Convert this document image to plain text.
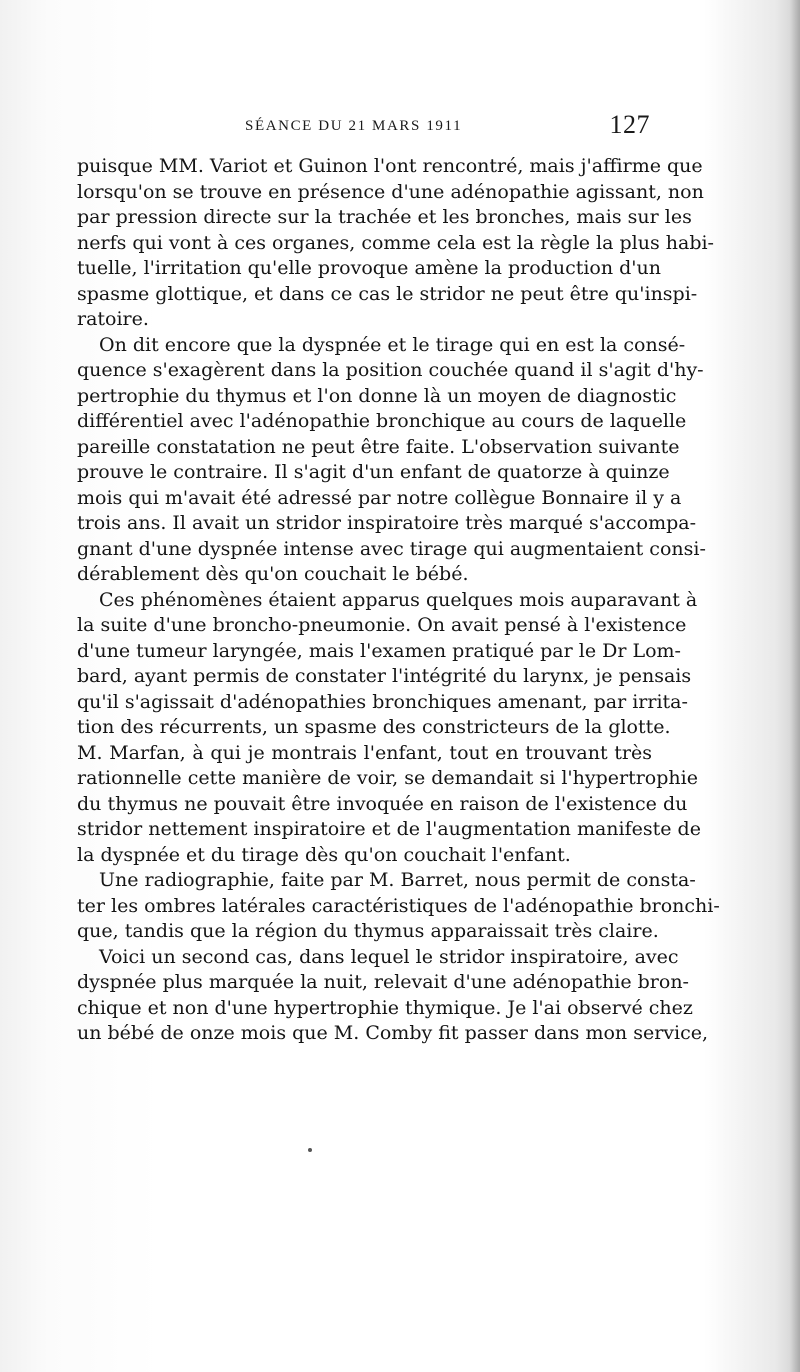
SÉANCE DU 21 MARS 1911	127
puisque MM. Variot et Guinon l'ont rencontré, mais j'affirme que
lorsqu'on se trouve en présence d'une adénopathie agissant, non
par pression directe sur la trachée et les bronches, mais sur les
nerfs qui vont à ces organes, comme cela est la règle la plus habi-
tuelle, l'irritation qu'elle provoque amène la production d'un
spasme glottique, et dans ce cas le stridor ne peut être qu'inspi-
ratoire.
On dit encore que la dyspnée et le tirage qui en est la consé-
quence s'exagèrent dans la position couchée quand il s'agit d'hy-
pertrophie du thymus et l'on donne là un moyen de diagnostic
différentiel avec l'adénopathie bronchique au cours de laquelle
pareille constatation ne peut être faite. L'observation suivante
prouve le contraire. Il s'agit d'un enfant de quatorze à quinze
mois qui m'avait été adressé par notre collègue Bonnaire il y a
trois ans. Il avait un stridor inspiratoire très marqué s'accompa-
gnant d'une dyspnée intense avec tirage qui augmentaient consi-
dérablement dès qu'on couchait le bébé.
Ces phénomènes étaient apparus quelques mois auparavant à
la suite d'une broncho-pneumonie. On avait pensé à l'existence
d'une tumeur laryngée, mais l'examen pratiqué par le Dr Lom-
bard, ayant permis de constater l'intégrité du larynx, je pensais
qu'il s'agissait d'adénopathies bronchiques amenant, par irrita-
tion des récurrents, un spasme des constricteurs de la glotte.
M. Marfan, à qui je montrais l'enfant, tout en trouvant très
rationnelle cette manière de voir, se demandait si l'hypertrophie
du thymus ne pouvait être invoquée en raison de l'existence du
stridor nettement inspiratoire et de l'augmentation manifeste de
la dyspnée et du tirage dès qu'on couchait l'enfant.
Une radiographie, faite par M. Barret, nous permit de consta-
ter les ombres latérales caractéristiques de l'adénopathie bronchi-
que, tandis que la région du thymus apparaissait très claire.
Voici un second cas, dans lequel le stridor inspiratoire, avec
dyspnée plus marquée la nuit, relevait d'une adénopathie bron-
chique et non d'une hypertrophie thymique. Je l'ai observé chez
un bébé de onze mois que M. Comby fit passer dans mon service,
